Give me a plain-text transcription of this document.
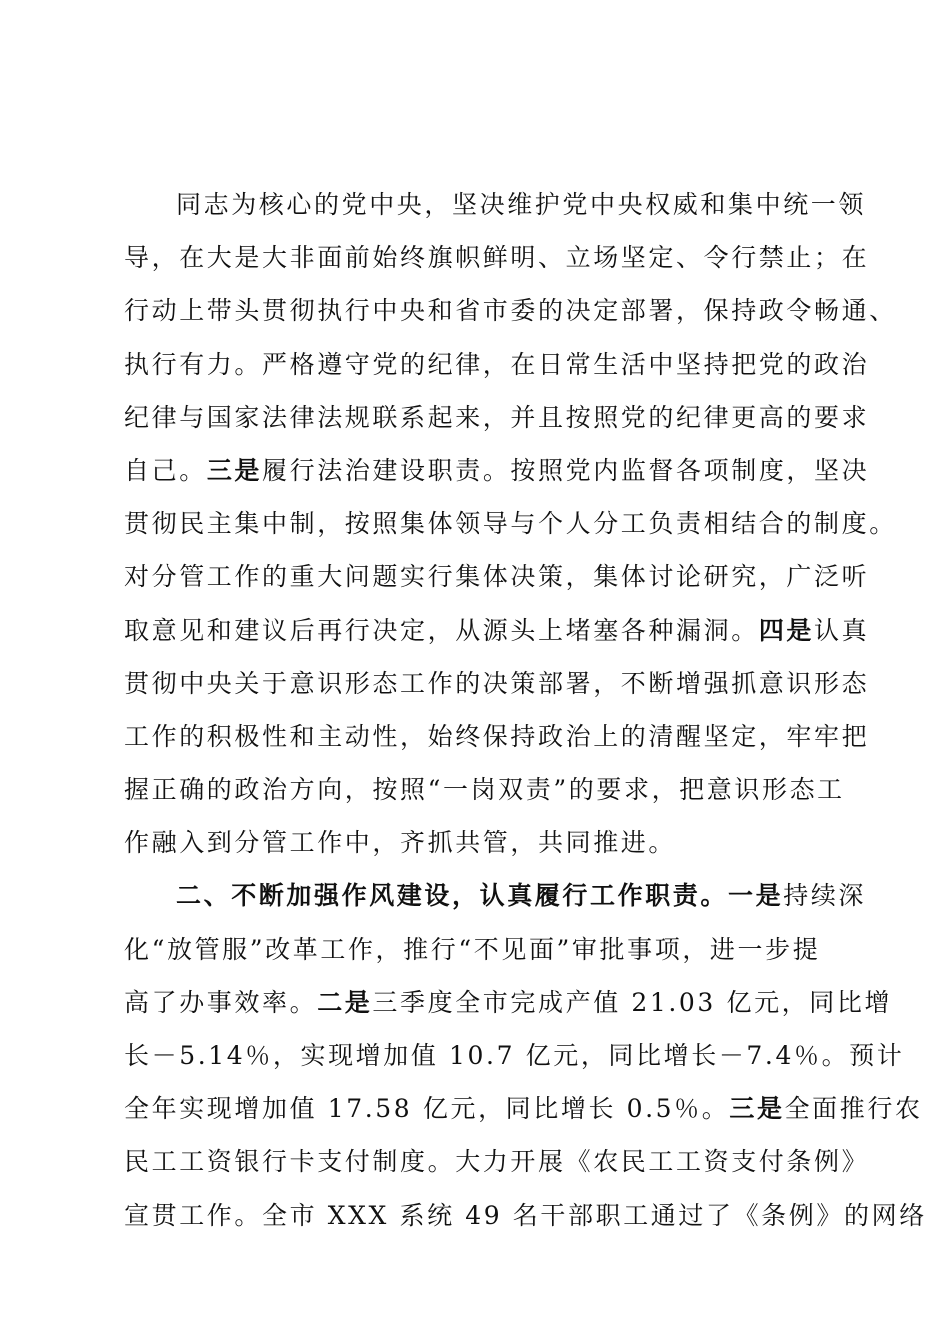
同志为核心的党中央，坚决维护党中央权威和集中统一领
导，在大是大非面前始终旗帜鲜明、立场坚定、令行禁止；在
行动上带头贯彻执行中央和省市委的决定部署，保持政令畅通、
执行有力。严格遵守党的纪律，在日常生活中坚持把党的政治
纪律与国家法律法规联系起来，并且按照党的纪律更高的要求
自己。三是履行法治建设职责。按照党内监督各项制度，坚决
贯彻民主集中制，按照集体领导与个人分工负责相结合的制度。
对分管工作的重大问题实行集体决策，集体讨论研究，广泛听
取意见和建议后再行决定，从源头上堵塞各种漏洞。四是认真
贯彻中央关于意识形态工作的决策部署，不断增强抓意识形态
工作的积极性和主动性，始终保持政治上的清醒坚定，牢牢把
握正确的政治方向，按照“一岗双责”的要求，把意识形态工
作融入到分管工作中，齐抓共管，共同推进。
二、不断加强作风建设，认真履行工作职责。一是持续深
化“放管服”改革工作，推行“不见面”审批事项，进一步提
高了办事效率。二是三季度全市完成产值 21.03 亿元，同比增
长－5.14％，实现增加值 10.7 亿元，同比增长－7.4％。预计
全年实现增加值 17.58 亿元，同比增长 0.5％。三是全面推行农
民工工资银行卡支付制度。大力开展《农民工工资支付条例》
宣贯工作。全市 XXX 系统 49 名干部职工通过了《条例》的网络
